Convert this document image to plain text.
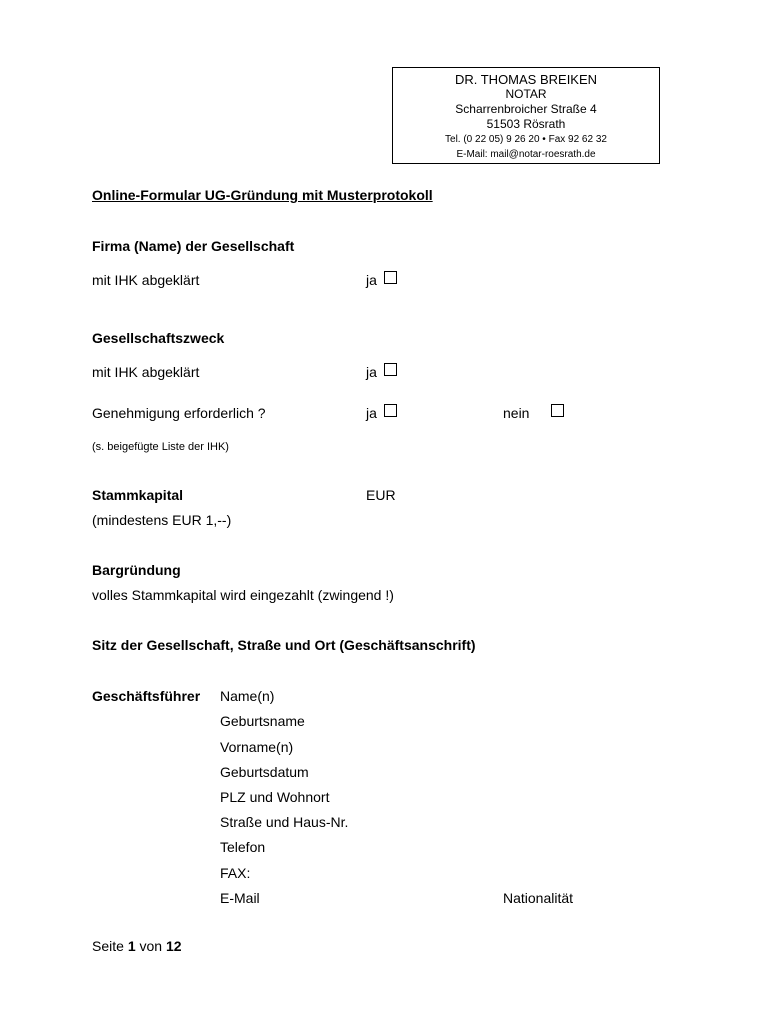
DR. THOMAS BREIKEN
NOTAR
Scharrenbroicher Straße 4
51503 Rösrath
Tel. (0 22 05) 9 26 20 • Fax 92 62 32
E-Mail: mail@notar-roesrath.de
Online-Formular UG-Gründung mit Musterprotokoll
Firma (Name) der Gesellschaft
mit IHK abgeklärt	ja
Gesellschaftszweck
mit IHK abgeklärt	ja
Genehmigung erforderlich ?	ja	nein
(s. beigefügte Liste der IHK)
Stammkapital	EUR
(mindestens EUR 1,--)
Bargründung
volles Stammkapital wird eingezahlt (zwingend !)
Sitz der Gesellschaft, Straße und Ort (Geschäftsanschrift)
Geschäftsführer Name(n)
Geburtsname
Vorname(n)
Geburtsdatum
PLZ und Wohnort
Straße und Haus-Nr.
Telefon
FAX:
E-Mail	Nationalität
Seite 1 von 12
